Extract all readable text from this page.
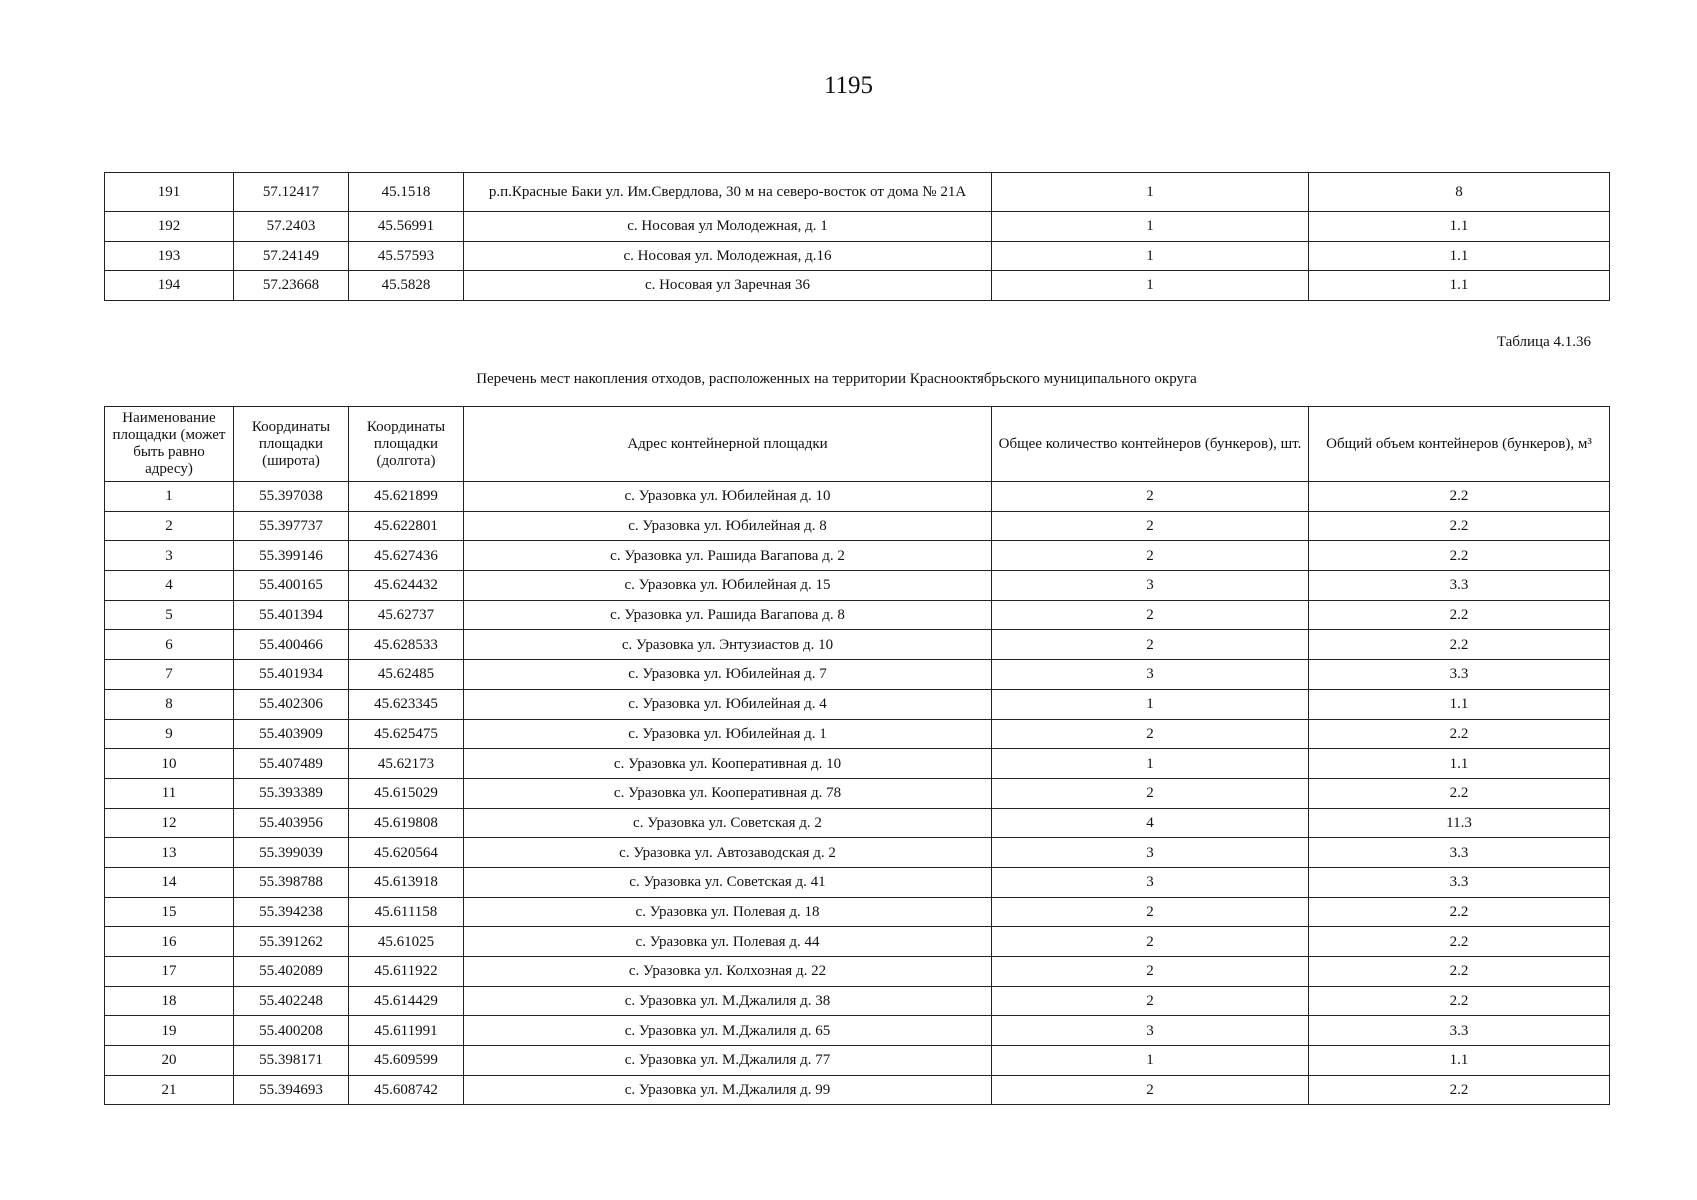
1195
191	57.12417	45.1518	р.п.Красные Баки ул. Им.Свердлова, 30 м на северо-восток от дома № 21А	1	8
192	57.2403	45.56991	с. Носовая ул Молодежная, д. 1	1	1.1
193	57.24149	45.57593	с. Носовая ул. Молодежная, д.16	1	1.1
194	57.23668	45.5828	с. Носовая ул Заречная 36	1	1.1
Таблица 4.1.36
Перечень мест накопления отходов, расположенных на территории Краснооктябрьского муниципального округа
Наименование площадки (может быть равно адресу)	Координаты площадки (широта)	Координаты площадки (долгота)	Адрес контейнерной площадки	Общее количество контейнеров (бункеров), шт.	Общий объем контейнеров (бункеров), м³
1	55.397038	45.621899	с. Уразовка ул. Юбилейная д. 10	2	2.2
2	55.397737	45.622801	с. Уразовка ул. Юбилейная д. 8	2	2.2
3	55.399146	45.627436	с. Уразовка ул. Рашида Вагапова д. 2	2	2.2
4	55.400165	45.624432	с. Уразовка ул. Юбилейная д. 15	3	3.3
5	55.401394	45.62737	с. Уразовка ул. Рашида Вагапова д. 8	2	2.2
6	55.400466	45.628533	с. Уразовка ул. Энтузиастов д. 10	2	2.2
7	55.401934	45.62485	с. Уразовка ул. Юбилейная д. 7	3	3.3
8	55.402306	45.623345	с. Уразовка ул. Юбилейная д. 4	1	1.1
9	55.403909	45.625475	с. Уразовка ул. Юбилейная д. 1	2	2.2
10	55.407489	45.62173	с. Уразовка ул. Кооперативная д. 10	1	1.1
11	55.393389	45.615029	с. Уразовка ул. Кооперативная д. 78	2	2.2
12	55.403956	45.619808	с. Уразовка ул. Советская д. 2	4	11.3
13	55.399039	45.620564	с. Уразовка ул. Автозаводская д. 2	3	3.3
14	55.398788	45.613918	с. Уразовка ул. Советская д. 41	3	3.3
15	55.394238	45.611158	с. Уразовка ул. Полевая д. 18	2	2.2
16	55.391262	45.61025	с. Уразовка ул. Полевая д. 44	2	2.2
17	55.402089	45.611922	с. Уразовка ул. Колхозная д. 22	2	2.2
18	55.402248	45.614429	с. Уразовка ул. М.Джалиля д. 38	2	2.2
19	55.400208	45.611991	с. Уразовка ул. М.Джалиля д. 65	3	3.3
20	55.398171	45.609599	с. Уразовка ул. М.Джалиля д. 77	1	1.1
21	55.394693	45.608742	с. Уразовка ул. М.Джалиля д. 99	2	2.2
